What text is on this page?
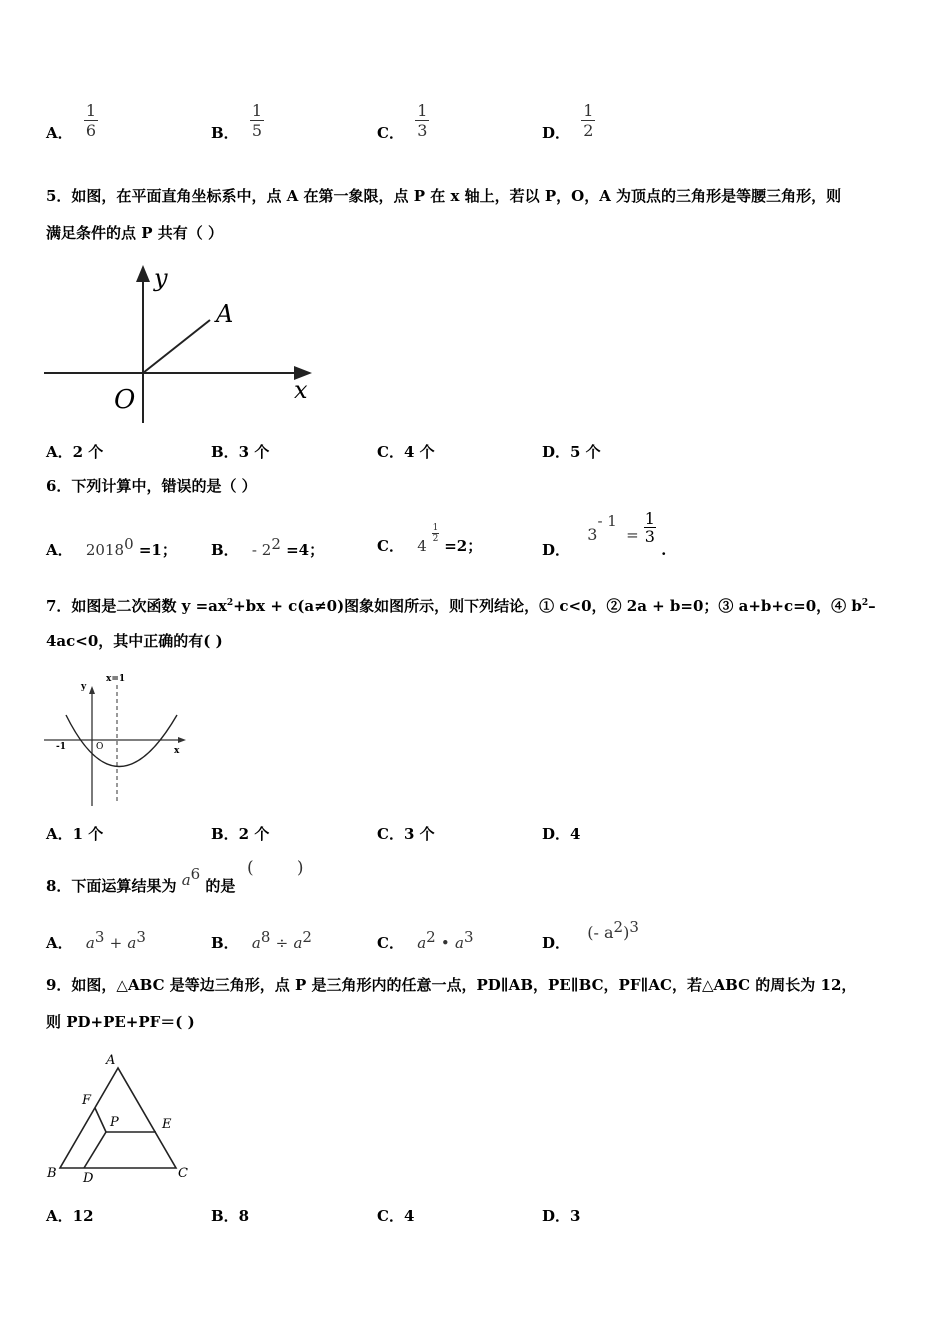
A． $\frac{1}{6}$	B． $\frac{1}{5}$	C． $\frac{1}{3}$	D． $\frac{1}{2}$
5．如图，在平面直角坐标系中，点 A 在第一象限，点 P 在 x 轴上，若以 P，O，A 为顶点的三角形是等腰三角形，则
满足条件的点 P 共有（ ）
y
A
x
O
A．2 个	B．3 个	C．4 个	D．5 个
6．下列计算中，错误的是（ ）
A． $2018^0 =1$； B． - $2^2 =4$；	C． 4
$\frac{1}{2}$
=2；	D． $3^{- 1} = \frac{1}{3}$
.
7．如图是二次函数 $y =ax^2+bx + c(a\ne 0)$图象如图所示，则下列结论，① c<0，② 2a + b=0；③ a+b+c=0，④ $b^2-$
4ac<0，其中正确的有( )
x=1
y
-1	O	x
A．1 个	B．2 个	C．3 个	D．4
8．下面运算结果为 $a^6$ 的是
(        )
A． $a^3 + a^3$	B． $a^8 \div a^2$	C． $a^2$ • $a^3$	D． (- $a^2)^3$
9．如图，△ABC 是等边三角形，点 P 是三角形内的任意一点，PD∥AB，PE∥BC，PF∥AC，若△ABC 的周长为 12，
则 PD+PE+PF＝( )
A
F
P	E
B D	C
A．12	B．8	C．4	D．3
